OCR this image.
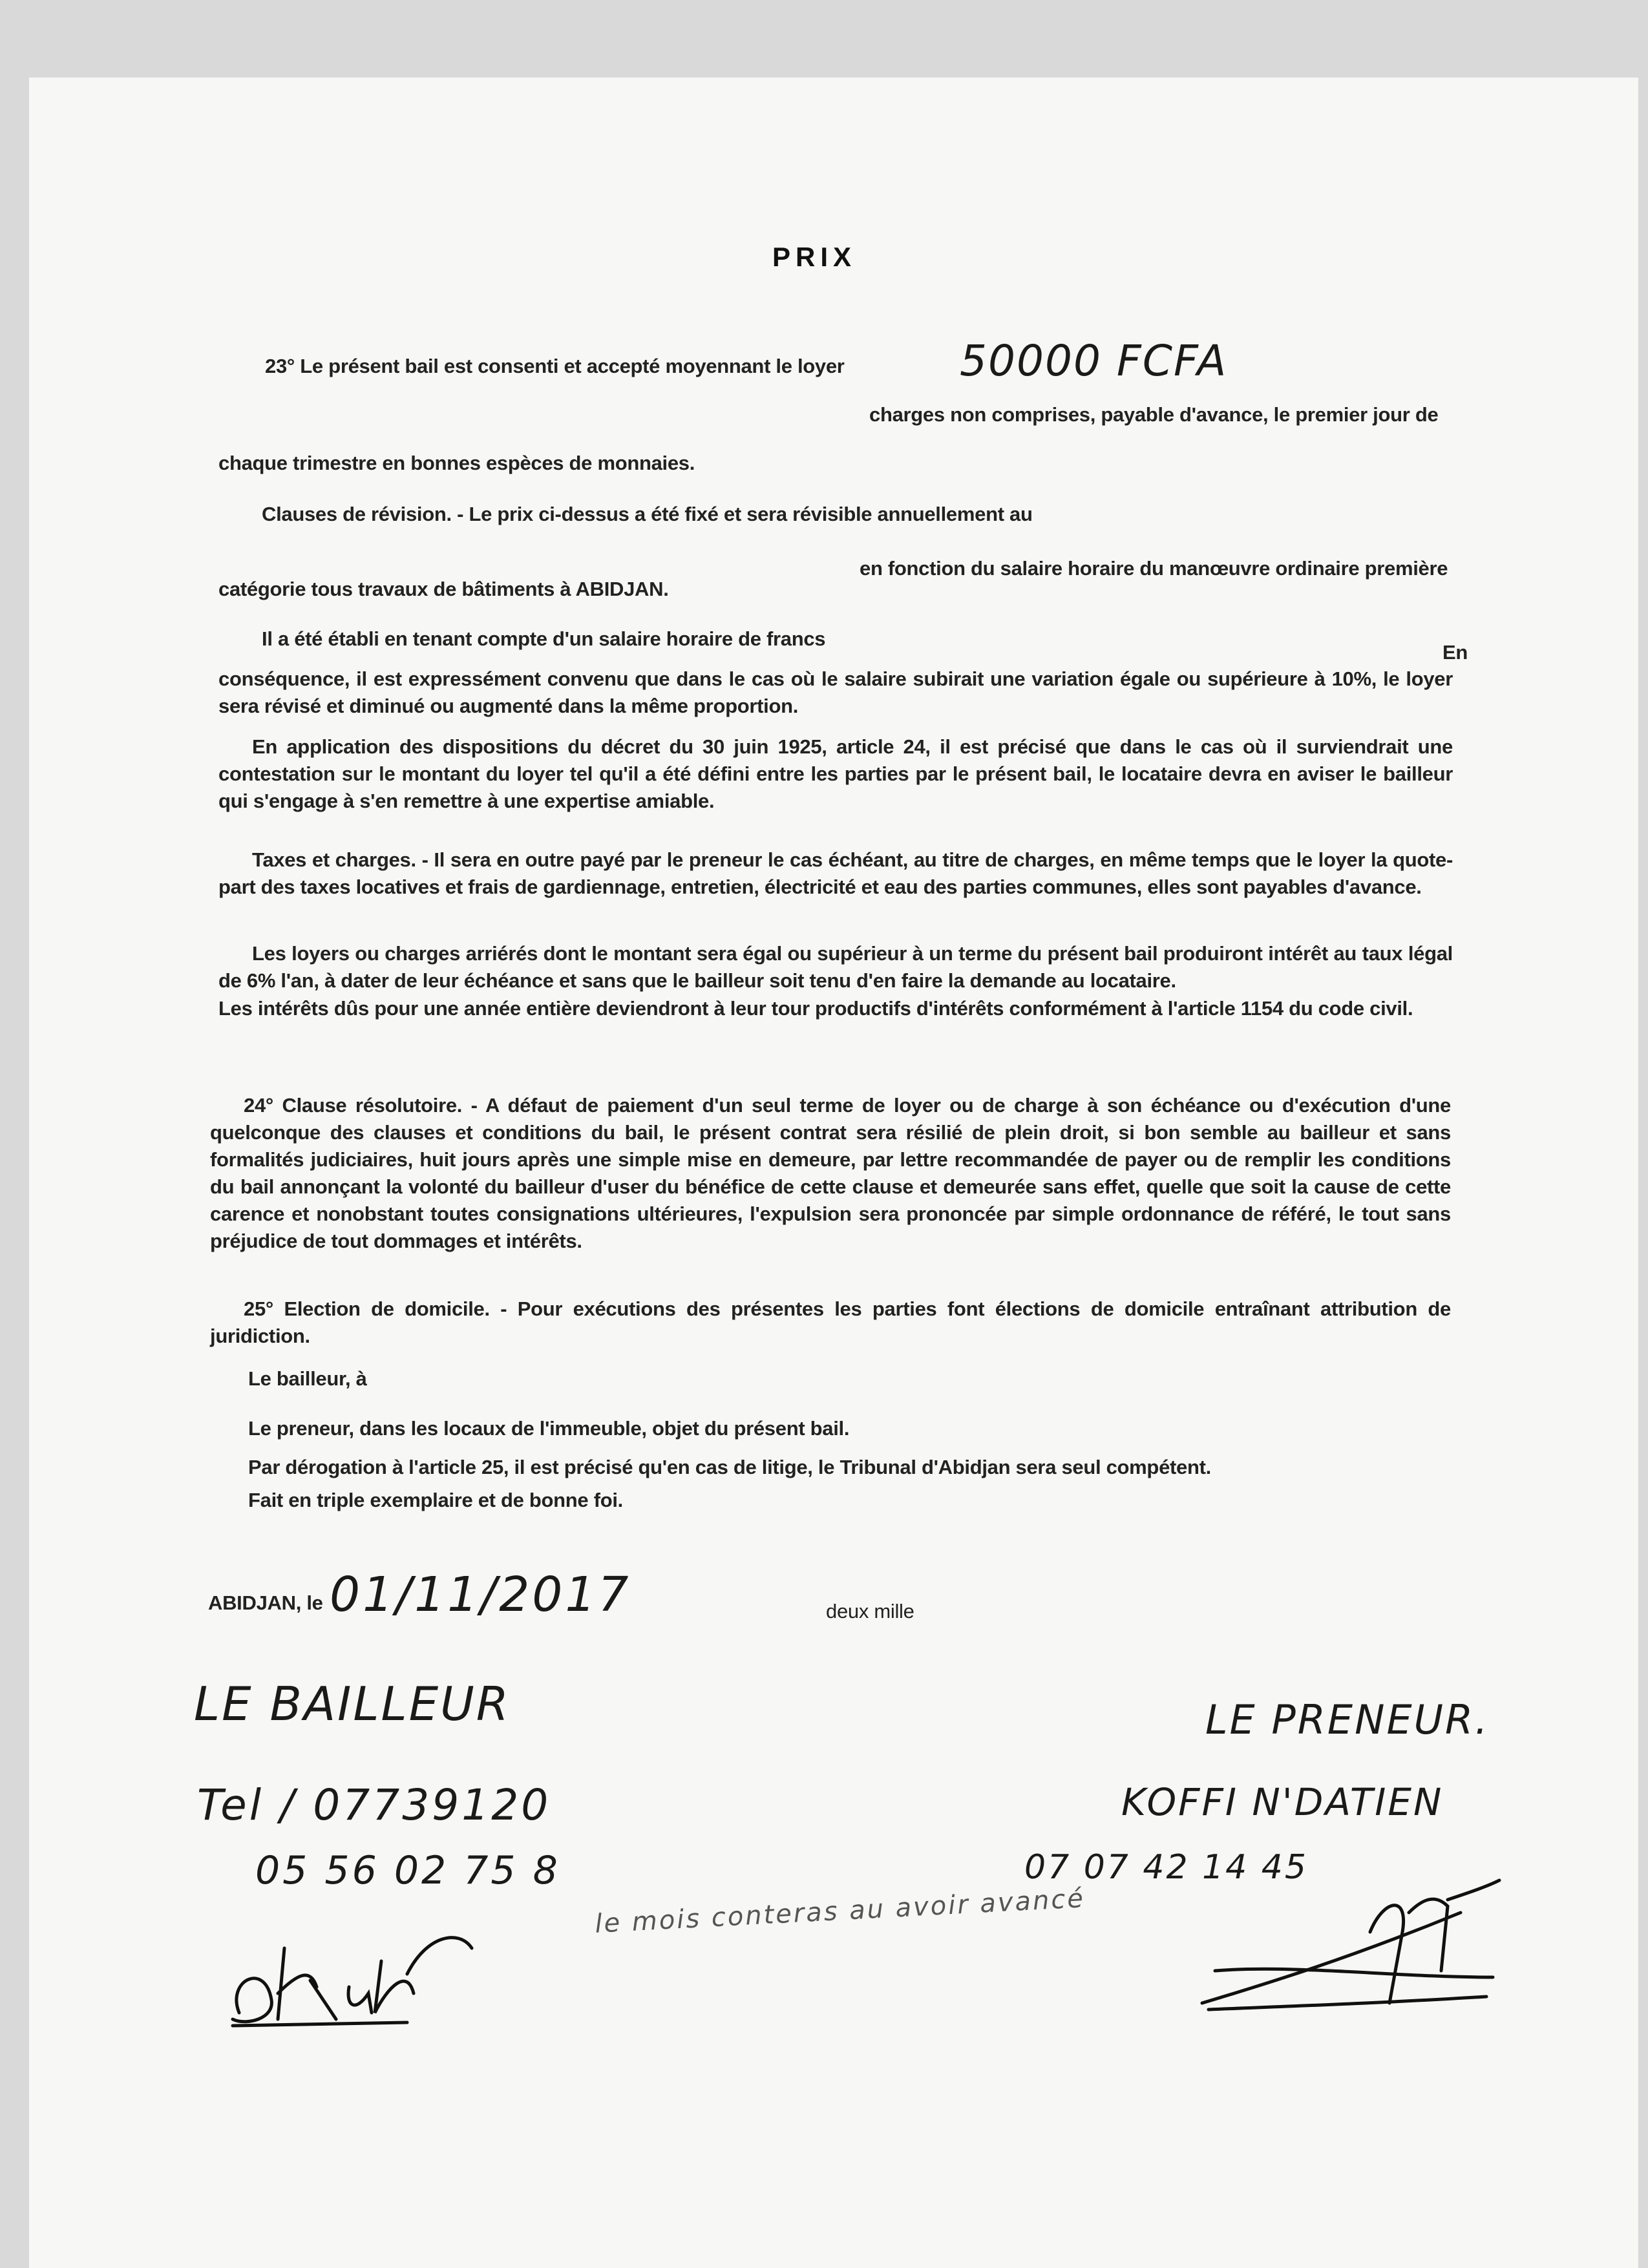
PRIX
23° Le présent bail est consenti et accepté moyennant le loyer	50000 FCFA
charges non comprises, payable d'avance, le premier jour de
chaque trimestre en bonnes espèces de monnaies.
Clauses de révision. - Le prix ci-dessus a été fixé et sera révisible annuellement au
en fonction du salaire horaire du manœuvre ordinaire première
catégorie tous travaux de bâtiments à ABIDJAN.
Il a été établi en tenant compte d'un salaire horaire de francs
En
conséquence, il est expressément convenu que dans le cas où le salaire subirait une variation égale ou supérieure à 10%, le loyer sera révisé et diminué ou augmenté dans la même proportion.
En application des dispositions du décret du 30 juin 1925, article 24, il est précisé que dans le cas où il surviendrait une contestation sur le montant du loyer tel qu'il a été défini entre les parties par le présent bail, le locataire devra en aviser le bailleur qui s'engage à s'en remettre à une expertise amiable.
Taxes et charges. - Il sera en outre payé par le preneur le cas échéant, au titre de charges, en même temps que le loyer la quote-part des taxes locatives et frais de gardiennage, entretien, électricité et eau des parties communes, elles sont payables d'avance.
Les loyers ou charges arriérés dont le montant sera égal ou supérieur à un terme du présent bail produiront intérêt au taux légal de 6% l'an, à dater de leur échéance et sans que le bailleur soit tenu d'en faire la demande au locataire.
Les intérêts dûs pour une année entière deviendront à leur tour productifs d'intérêts conformément à l'article 1154 du code civil.
24° Clause résolutoire. - A défaut de paiement d'un seul terme de loyer ou de charge à son échéance ou d'exécution d'une quelconque des clauses et conditions du bail, le présent contrat sera résilié de plein droit, si bon semble au bailleur et sans formalités judiciaires, huit jours après une simple mise en demeure, par lettre recommandée de payer ou de remplir les conditions du bail annonçant la volonté du bailleur d'user du bénéfice de cette clause et demeurée sans effet, quelle que soit la cause de cette carence et nonobstant toutes consignations ultérieures, l'expulsion sera prononcée par simple ordonnance de référé, le tout sans préjudice de tout dommages et intérêts.
25° Election de domicile. - Pour exécutions des présentes les parties font élections de domicile entraînant attribution de juridiction.
Le bailleur, à
Le preneur, dans les locaux de l'immeuble, objet du présent bail.
Par dérogation à l'article 25, il est précisé qu'en cas de litige, le Tribunal d'Abidjan sera seul compétent.
Fait en triple exemplaire et de bonne foi.
ABIDJAN, le 01/11/2017	deux mille
LE BAILLEUR
Tel / 07739120
05 56 02 75 8
LE PRENEUR.
KOFFI N'DATIEN
07 07 42 14 45
le mois conteras au avoir avancé
